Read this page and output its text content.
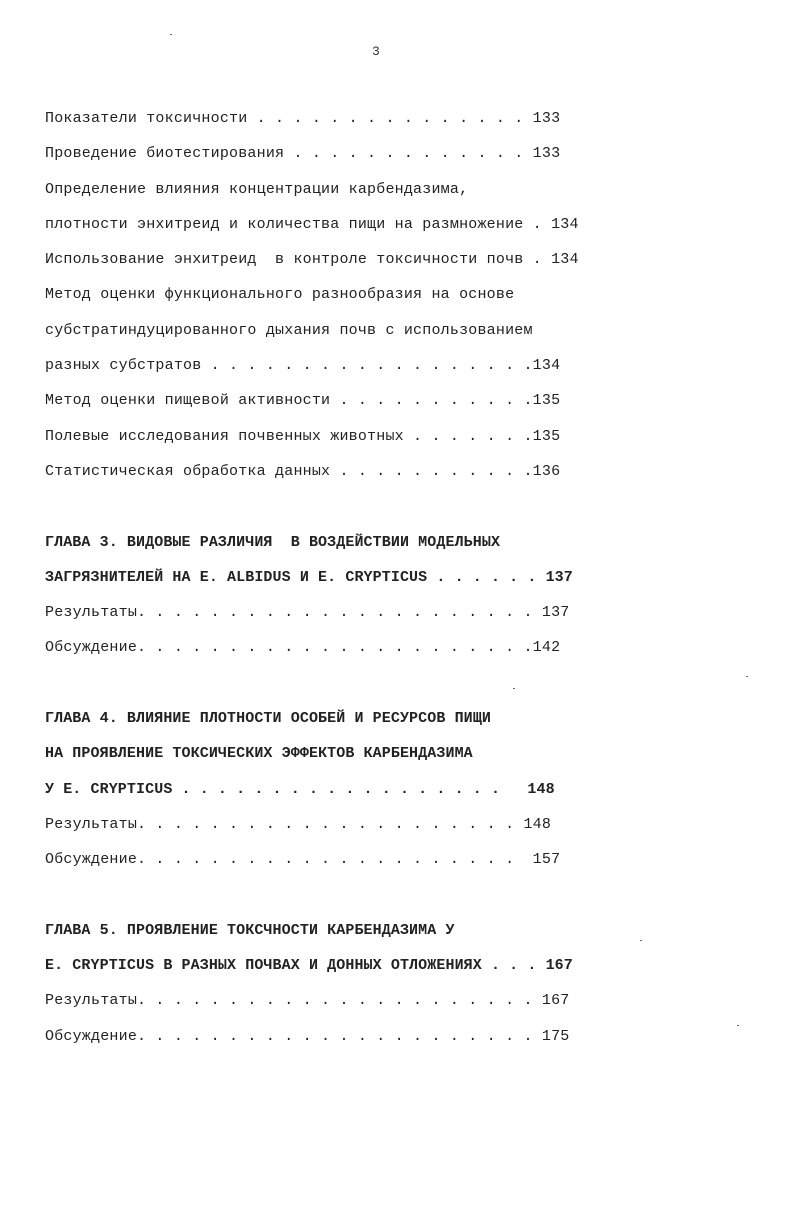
3
Показатели токсичности . . . . . . . . . . . . . . . 133
Проведение биотестирования . . . . . . . . . . . . . 133
Определение влияния концентрации карбендазима,
плотности энхитреид и количества пищи на размножение . 134
Использование энхитреид  в контроле токсичности почв . 134
Метод оценки функционального разнообразия на основе
субстратиндуцированного дыхания почв с использованием
разных субстратов . . . . . . . . . . . . . . . . . .134
Метод оценки пищевой активности . . . . . . . . . . .135
Полевые исследования почвенных животных . . . . . . .135
Статистическая обработка данных . . . . . . . . . . .136
ГЛАВА 3. ВИДОВЫЕ РАЗЛИЧИЯ  В ВОЗДЕЙСТВИИ МОДЕЛЬНЫХ
ЗАГРЯЗНИТЕЛЕЙ НА E. ALBIDUS И E. CRYPTICUS . . . . . . 137
Результаты. . . . . . . . . . . . . . . . . . . . . . 137
Обсуждение. . . . . . . . . . . . . . . . . . . . . .142
ГЛАВА 4. ВЛИЯНИЕ ПЛОТНОСТИ ОСОБЕЙ И РЕСУРСОВ ПИЩИ
НА ПРОЯВЛЕНИЕ ТОКСИЧЕСКИХ ЭФФЕКТОВ КАРБЕНДАЗИМА
У E. CRYPTICUS . . . . . . . . . . . . . . . . . .   148
Результаты. . . . . . . . . . . . . . . . . . . . . 148
Обсуждение. . . . . . . . . . . . . . . . . . . . .  157
ГЛАВА 5. ПРОЯВЛЕНИЕ ТОКСЧНОСТИ КАРБЕНДАЗИМА У
E. CRYPTICUS В РАЗНЫХ ПОЧВАХ И ДОННЫХ ОТЛОЖЕНИЯХ . . . 167
Результаты. . . . . . . . . . . . . . . . . . . . . . 167
Обсуждение. . . . . . . . . . . . . . . . . . . . . . 175
